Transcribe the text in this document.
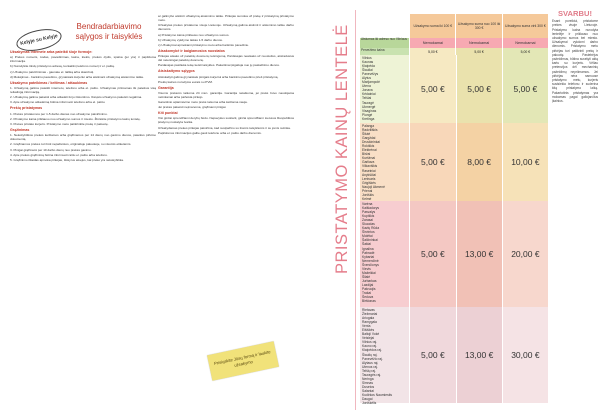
Kelyje su Kelyje
Bendradarbiavimo sąlygos ir taisyklės
Užsakymas internete arba pateikti šioje formoje:

a) Prekės numeris, kodas, pavadinimas, kaina, kiekis, prekės dydis, spalva (jei yra) ir papildoma informacija.

b) Nurodykite tikslų pristatymo adresą, kontaktinį telefono numerį ir el. paštą.

c) Užsakymo patvirtinimas - gaunate el. laišką arba skambutį.

d) Mokėjimas - bankiniu pavedimu, grynaisiais kurjeriui arba atsiimant užsakymą atsiėmimo taške.

Užsakymo pateikimas / keitimas / atšaukimas

1. Užsakymą galima pateikti internetu, telefonu arba el. paštu. Užsakymas priimamas tik pateikus visą reikalingą informaciją.

2. Užsakymą galima pakeisti arba atšaukti iki jo išsiuntimo. Išsiųsto užsakymo pakeisti negalima.

3. Apie užsakymo atšaukimą būtina informuoti telefonu arba el. paštu.

Prekių pristatymas

1. Prekės pristatomos per 1-5 darbo dienas nuo užsakymo patvirtinimo.

2. Pristatymo kaina priklauso nuo užsakymo sumos ir miesto. Žiūrėkite pristatymo kainų lentelę.

3. Prekes pristato kurjeris. Pristatymo metu patikrinkite prekę ir pakuotę.

Grąžinimas

1. Nekokybiškos prekės keičiamos arba grąžinamos per 14 dienų nuo gavimo dienos, pateikus pirkimo dokumentą.

2. Grąžinamos prekės turi būti nepažeistos, originalioje pakuotėje, su visomis etiketėmis.

3. Pinigai grąžinami per 10 darbo dienų nuo prekės gavimo.

4. Apie prekės grąžinimą būtina informuoti raštu el. paštu arba telefonu.

5. Grąžinimo išlaidas apmoka pirkėjas, išskyrus atvejus, kai prekė yra nekokybiška.

ar galimybė atsiimti užsakymą atsiėmimo taške. Pirkėjas sumoka už prekę ir pristatymą pristatymo metu.

Užsakytas prekes pristatome visoje Lietuvoje. Užsakymą galima atsiimti ir atsiėmimo taške darbo dienomis.

a) Pristatymo kaina priklauso nuo užsakymo sumos.

b) Užsakymų vykdymo laikas 1-5 darbo dienos.

c) Užsakymai apmokami pristatymo metu arba bankiniu pavedimu.

Atsakomybė ir baigiamosios nuostatos

Pirkėjas atsako už pateiktų duomenų teisingumą. Pardavėjas neatsako už nuostolius, atsiradusius dėl neteisingai pateiktų duomenų.

Pardavėjas pasilieka teisę keisti taisykles. Pakeitimai įsigalioja nuo jų paskelbimo dienos.

Atsiskaitymo sąlygos

Atsiskaityti galima grynaisiais pinigais kurjeriui arba bankiniu pavedimu prieš pristatymą.

Prekių kainos nurodytos eurais su PVM.

Garantija

Visoms prekėms taikoma 24 mėn. garantija. Garantija netaikoma, jei prekė buvo naudojama netinkamai arba pažeista pirkėjo.

Garantinio aptarnavimo metu prekė taisoma arba keičiama nauja.

Jei prekės pakeisti neįmanoma, grąžinami pinigai.

Kiti punktai

Visi ginčai sprendžiami derybų būdu. Nepavykus susitarti, ginčai sprendžiami Lietuvos Respublikos įstatymų nustatyta tvarka.

Užsakydamas prekes pirkėjas patvirtina, kad susipažino su šiomis taisyklėmis ir su jomis sutinka.

Papildomos informacijos galite gauti telefonu arba el. paštu darbo dienomis.

Prisiųskite Jūsų formą ir laukite užsakymo
PRISTATYMO KAINŲ LENTELĖ	Užsakymo suma iki 100 €	Užsakymo suma nuo 100 iki 300 €	Užsakymo suma virš 300 €
Atstumas iki adreso nuo Vilniaus
Nemokamai	Nemokamai	Nemokamai
Pervežimo kaina	5,00 €	5,00 €	5,00 €
Vilnius
Kaunas
Klaipėda
Šiauliai
Panevėžys
Alytus
Marijampolė
Utena
Jonava
Kėdainiai
Telšiai
Tauragė
Ukmergė
Visaginas
Plungė
Kretinga
5,00 €	5,00 €	5,00 €
Palanga
Radviliškis
Šilutė
Gargždai
Druskininkai
Rokiškis
Elektrėnai
Biržai
Kuršėnai
Garliava
Vilkaviškis
Raseiniai
Anykščiai
Lentvaris
Grigiškės
Naujoji Akmenė
Prienai
Joniškis
Kelmė
5,00 €	8,00 €	10,00 €
Varėna
Kaišiadorys
Pasvalys
Kupiškis
Zarasai
Skuodas
Kazlų Rūda
Širvintos
Molėtai
Šalčininkai
Šakiai
Ignalina
Pabradė
Kybartai
Nemenčinė
Švenčionys
Vievis
Mažeikiai
Šilalė
Jurbarkas
Lazdijai
Pakruojis
Trakai
Šeduva
Birštonas
5,00 €	13,00 €	20,00 €
Rietavas
Žiežmariai
Ariogala
Ramygala
Venta
Eišiškės
Baltoji Vokė
Veisiejai
Vilnius raj.
Kauno raj.
Klaipėdos raj.
Šiaulių raj.
Panevėžio raj.
Alytaus raj.
Utenos raj.
Telšių raj.
Tauragės raj.
Neringa
Simnas
Dusetos
Salantai
Kudirkos Naumiestis
Daugai
Joniškėlis
5,00 €	13,00 €	30,00 €
SVARBU!

Esant poreikiui, pristatome prekes visoje Lietuvoje. Pristatymo kaina nurodyta lentelėje ir priklauso nuo užsakymo sumos bei miesto. Užsakymai vykdomi darbo dienomis. Pristatymo metu pirkėjas turi patikrinti prekę ir pakuotę. Pastebėjus pažeidimus, būtina surašyti aktą kartu su kurjeriu. Vėliau pretenzijos dėl mechaninių pažeidimų nepriimamos. Jei pirkėjas nėra namuose pristatymo metu, kurjeris susisiekia telefonu ir suderina kitą pristatymo laiką. Pakartotinis pristatymas yra mokamas pagal galiojančius įkainius.
